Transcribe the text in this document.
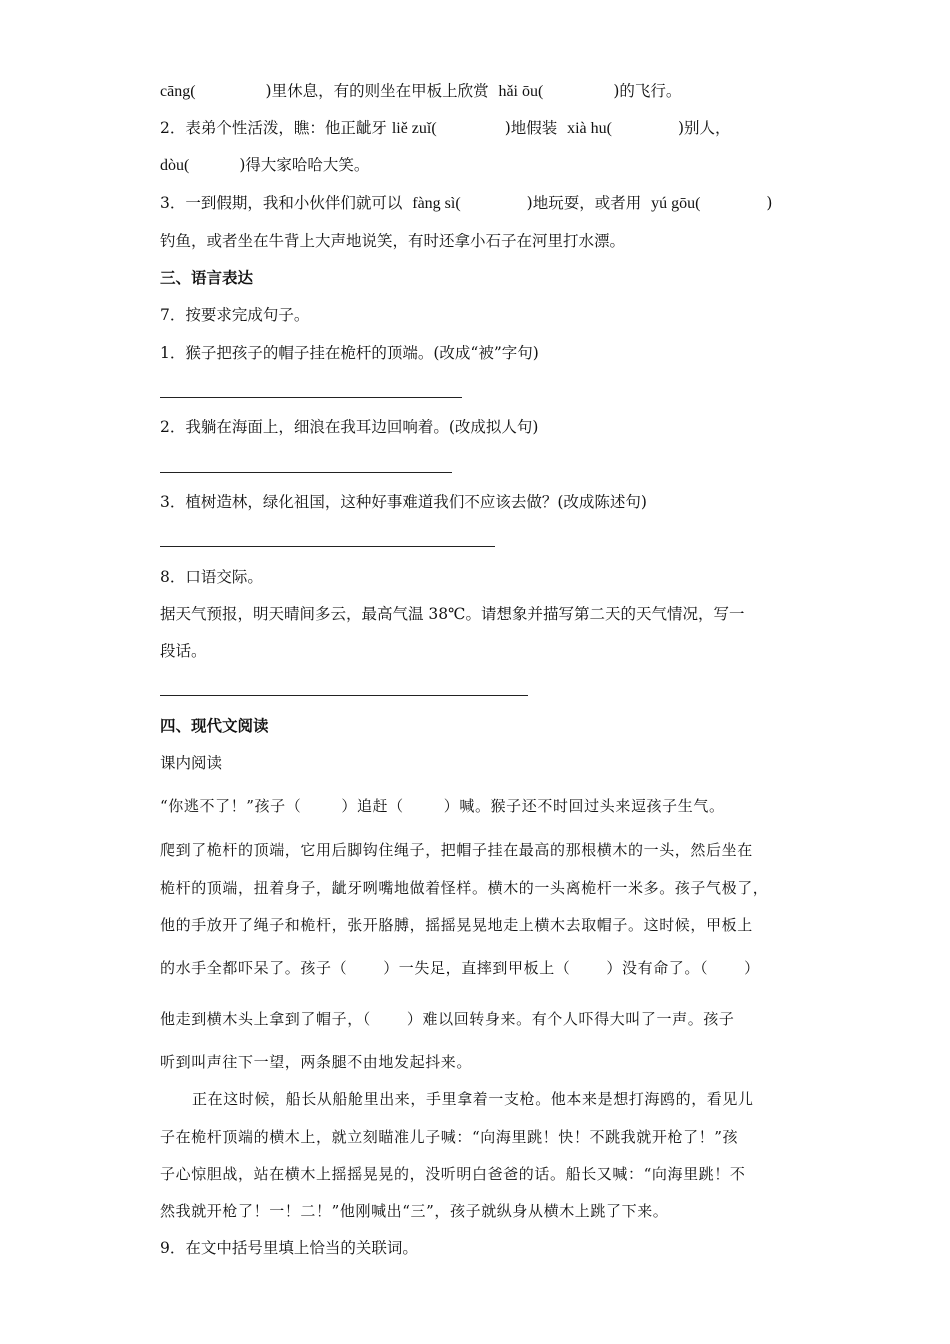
cāng(	)里休息，有的则坐在甲板上欣赏 hǎi ōu(	)的飞行。

2．表弟个性活泼，瞧：他正龇牙 liě zuǐ(	)地假装 xià hu(	)别人，

dòu(	)得大家哈哈大笑。

3．一到假期，我和小伙伴们就可以 fàng sì(	)地玩耍，或者用 yú gōu(	)

钓鱼，或者坐在牛背上大声地说笑，有时还拿小石子在河里打水漂。

三、语言表达

7．按要求完成句子。

1．猴子把孩子的帽子挂在桅杆的顶端。(改成“被”字句)

2．我躺在海面上，细浪在我耳边回响着。(改成拟人句)

3．植树造林，绿化祖国，这种好事难道我们不应该去做？(改成陈述句)

8．口语交际。

据天气预报，明天晴间多云，最高气温 38℃。请想象并描写第二天的天气情况，写一

段话。

四、现代文阅读

课内阅读

“你逃不了！”孩子（	）追赶（	）喊。猴子还不时回过头来逗孩子生气。

爬到了桅杆的顶端，它用后脚钩住绳子，把帽子挂在最高的那根横木的一头，然后坐在

桅杆的顶端，扭着身子，龇牙咧嘴地做着怪样。横木的一头离桅杆一米多。孩子气极了，

他的手放开了绳子和桅杆，张开胳膊，摇摇晃晃地走上横木去取帽子。这时候，甲板上

的水手全都吓呆了。孩子（ ）一失足，直摔到甲板上（ ）没有命了。（ ）

他走到横木头上拿到了帽子，（ ）难以回转身来。有个人吓得大叫了一声。孩子

听到叫声往下一望，两条腿不由地发起抖来。

正在这时候，船长从船舱里出来，手里拿着一支枪。他本来是想打海鸥的，看见儿

子在桅杆顶端的横木上，就立刻瞄准儿子喊：“向海里跳！快！不跳我就开枪了！”孩

子心惊胆战，站在横木上摇摇晃晃的，没听明白爸爸的话。船长又喊：“向海里跳！不

然我就开枪了！一！二！”他刚喊出“三”，孩子就纵身从横木上跳了下来。

9．在文中括号里填上恰当的关联词。
